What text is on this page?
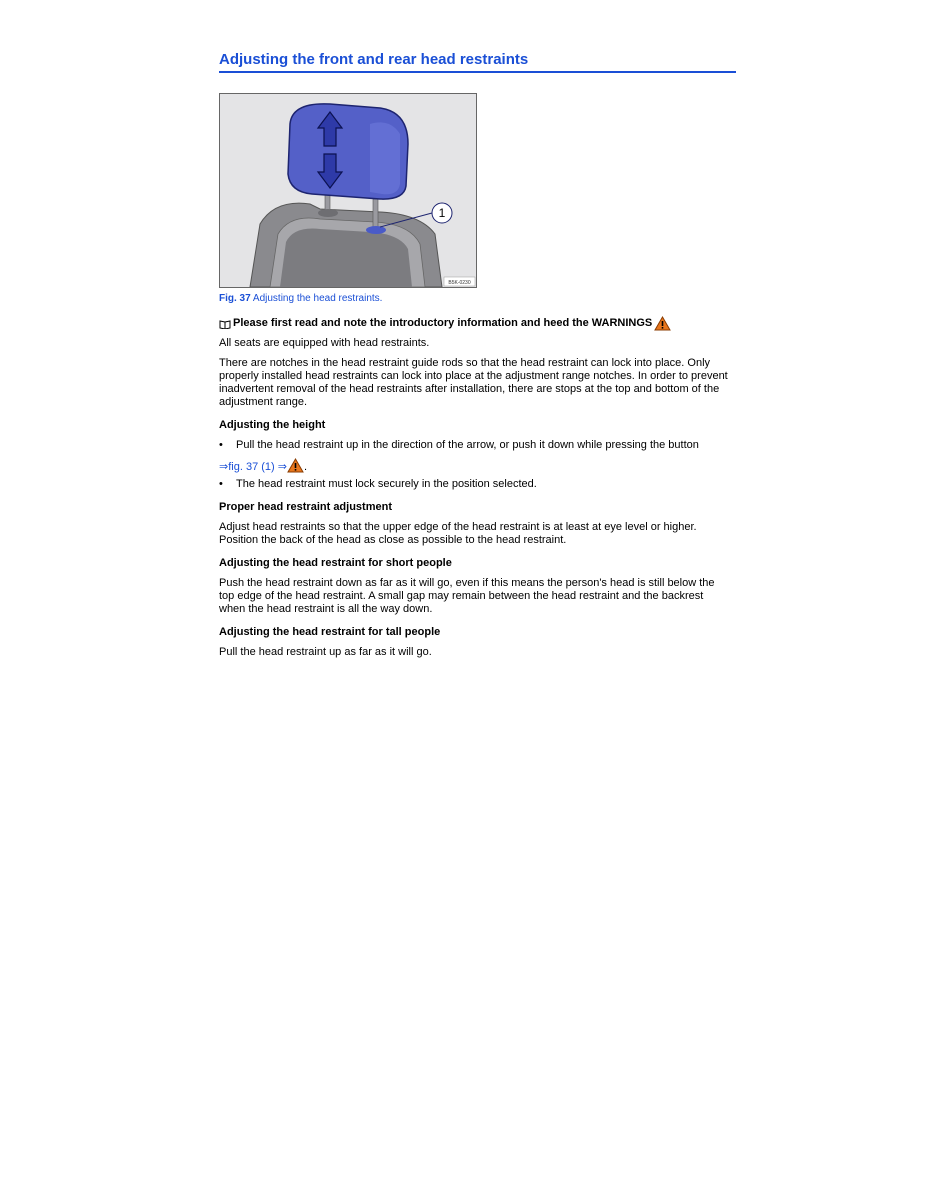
Adjusting the front and rear head restraints
1
B5K-0230
Fig. 37 Adjusting the head restraints.

Please first read and note the introductory information and heed the WARNINGS

All seats are equipped with head restraints.

There are notches in the head restraint guide rods so that the head restraint can lock into place. Only properly installed head restraints can lock into place at the adjustment range notches. In order to prevent inadvertent removal of the head restraints after installation, there are stops at the top and bottom of the adjustment range.

Adjusting the height
•	Pull the head restraint up in the direction of the arrow, or push it down while pressing the button

⇒fig. 37 (1) ⇒ .

•	The head restraint must lock securely in the position selected.
Proper head restraint adjustment

Adjust head restraints so that the upper edge of the head restraint is at least at eye level or higher. Position the back of the head as close as possible to the head restraint.

Adjusting the head restraint for short people

Push the head restraint down as far as it will go, even if this means the person's head is still below the top edge of the head restraint. A small gap may remain between the head restraint and the backrest when the head restraint is all the way down.

Adjusting the head restraint for tall people

Pull the head restraint up as far as it will go.
